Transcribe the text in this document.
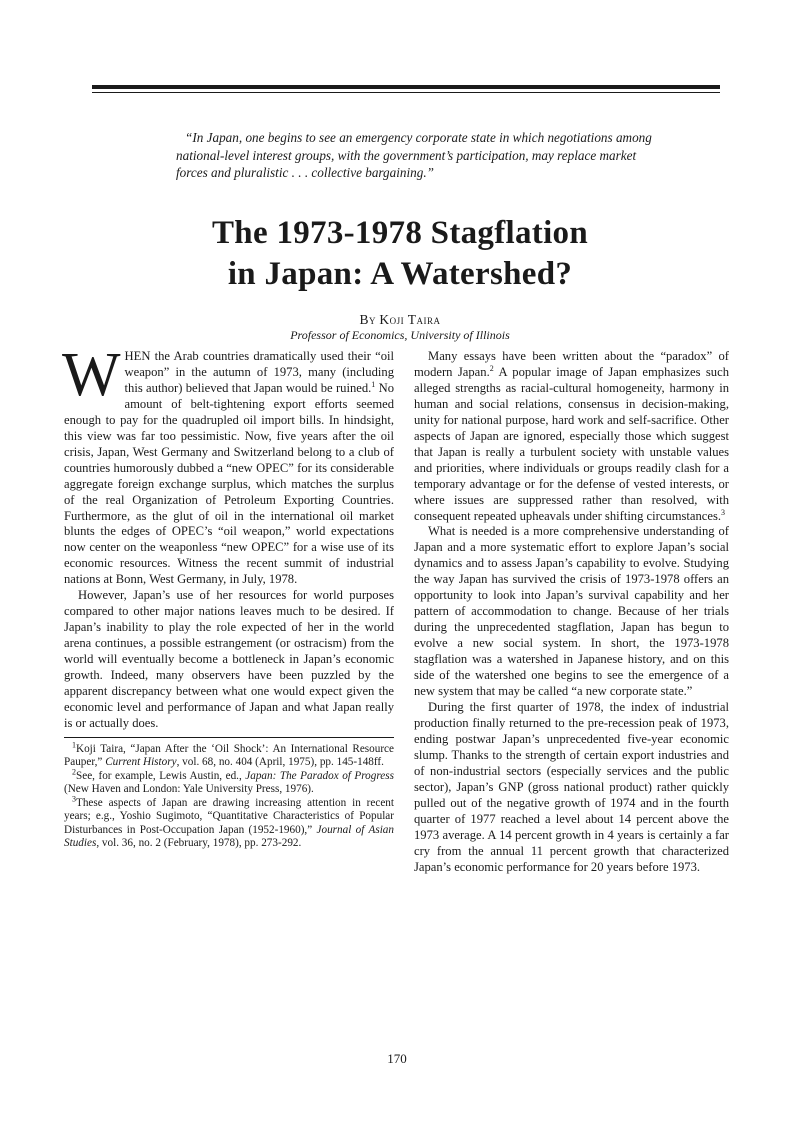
“In Japan, one begins to see an emergency corporate state in which negotiations among national-level interest groups, with the government’s participation, may replace market forces and pluralistic . . . collective bargaining.”
The 1973-1978 Stagflation
in Japan: A Watershed?
By Koji Taira
Professor of Economics, University of Illinois

WHEN the Arab countries dramatically used their “oil weapon” in the autumn of 1973, many (including this author) believed that Japan would be ruined.$^1$ No amount of belt-tightening export efforts seemed enough to pay for the quadrupled oil import bills. In hindsight, this view was far too pessimistic. Now, five years after the oil crisis, Japan, West Germany and Switzerland belong to a club of countries humorously dubbed a “new OPEC” for its considerable aggregate foreign exchange surplus, which matches the surplus of the real Organization of Petroleum Exporting Countries. Furthermore, as the glut of oil in the international oil market blunts the edges of OPEC’s “oil weapon,” world expectations now center on the weaponless “new OPEC” for a wise use of its economic resources. Witness the recent summit of industrial nations at Bonn, West Germany, in July, 1978.

However, Japan’s use of her resources for world purposes compared to other major nations leaves much to be desired. If Japan’s inability to play the role expected of her in the world arena continues, a possible estrangement (or ostracism) from the world will eventually become a bottleneck in Japan’s economic growth. Indeed, many observers have been puzzled by the apparent discrepancy between what one would expect given the economic level and performance of Japan and what Japan really is or actually does.

$^1$Koji Taira, “Japan After the ‘Oil Shock’: An International Resource Pauper,” Current History, vol. 68, no. 404 (April, 1975), pp. 145-148ff.

$^2$See, for example, Lewis Austin, ed., Japan: The Paradox of Progress (New Haven and London: Yale University Press, 1976).

$^3$These aspects of Japan are drawing increasing attention in recent years; e.g., Yoshio Sugimoto, “Quantitative Characteristics of Popular Disturbances in Post-Occupation Japan (1952-1960),” Journal of Asian Studies, vol. 36, no. 2 (February, 1978), pp. 273-292.

Many essays have been written about the “paradox” of modern Japan.$^2$ A popular image of Japan emphasizes such alleged strengths as racial-cultural homogeneity, harmony in human and social relations, consensus in decision-making, unity for national purpose, hard work and self-sacrifice. Other aspects of Japan are ignored, especially those which suggest that Japan is really a turbulent society with unstable values and priorities, where individuals or groups readily clash for a temporary advantage or for the defense of vested interests, or where issues are suppressed rather than resolved, with consequent repeated upheavals under shifting circumstances.$^3$

What is needed is a more comprehensive understanding of Japan and a more systematic effort to explore Japan’s social dynamics and to assess Japan’s capability to evolve. Studying the way Japan has survived the crisis of 1973-1978 offers an opportunity to look into Japan’s survival capability and her pattern of accommodation to change. Because of her trials during the unprecedented stagflation, Japan has begun to evolve a new social system. In short, the 1973-1978 stagflation was a watershed in Japanese history, and on this side of the watershed one begins to see the emergence of a new system that may be called “a new corporate state.”

During the first quarter of 1978, the index of industrial production finally returned to the pre-recession peak of 1973, ending postwar Japan’s unprecedented five-year economic slump. Thanks to the strength of certain export industries and of non-industrial sectors (especially services and the public sector), Japan’s GNP (gross national product) rather quickly pulled out of the negative growth of 1974 and in the fourth quarter of 1977 reached a level about 14 percent above the 1973 average. A 14 percent growth in 4 years is certainly a far cry from the annual 11 percent growth that characterized Japan’s economic performance for 20 years before 1973.

170
